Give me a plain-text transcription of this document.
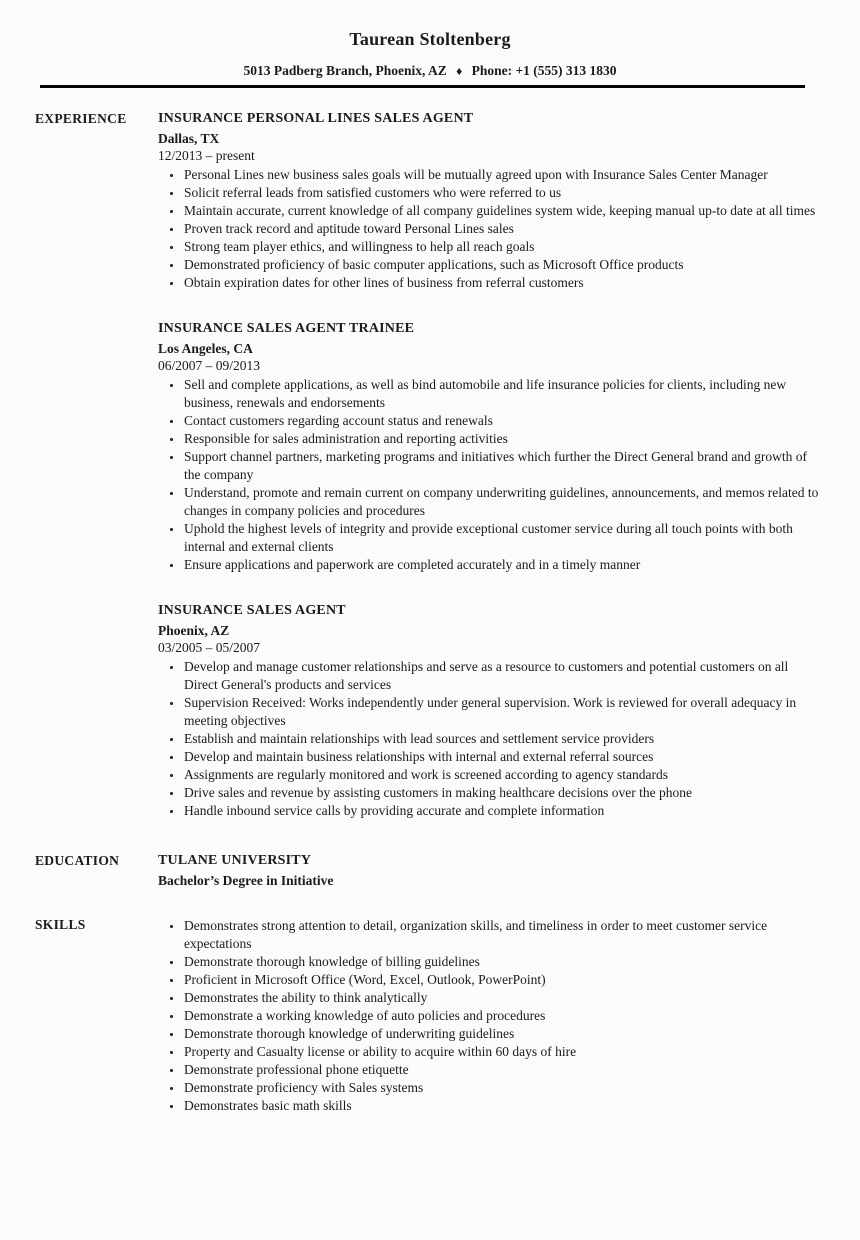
Taurean Stoltenberg
5013 Padberg Branch, Phoenix, AZ ♦ Phone: +1 (555) 313 1830
EXPERIENCE	INSURANCE PERSONAL LINES SALES AGENT
Dallas, TX
12/2013 – present
• Personal Lines new business sales goals will be mutually agreed upon with Insurance Sales Center Manager
• Solicit referral leads from satisfied customers who were referred to us
• Maintain accurate, current knowledge of all company guidelines system wide, keeping manual up-to date at all times
• Proven track record and aptitude toward Personal Lines sales
• Strong team player ethics, and willingness to help all reach goals
• Demonstrated proficiency of basic computer applications, such as Microsoft Office products
• Obtain expiration dates for other lines of business from referral customers
INSURANCE SALES AGENT TRAINEE
Los Angeles, CA
06/2007 – 09/2013
• Sell and complete applications, as well as bind automobile and life insurance policies for clients, including new business, renewals and endorsements
• Contact customers regarding account status and renewals
• Responsible for sales administration and reporting activities
• Support channel partners, marketing programs and initiatives which further the Direct General brand and growth of the company
• Understand, promote and remain current on company underwriting guidelines, announcements, and memos related to changes in company policies and procedures
• Uphold the highest levels of integrity and provide exceptional customer service during all touch points with both internal and external clients
• Ensure applications and paperwork are completed accurately and in a timely manner
INSURANCE SALES AGENT
Phoenix, AZ
03/2005 – 05/2007
• Develop and manage customer relationships and serve as a resource to customers and potential customers on all Direct General's products and services
• Supervision Received: Works independently under general supervision. Work is reviewed for overall adequacy in meeting objectives
• Establish and maintain relationships with lead sources and settlement service providers
• Develop and maintain business relationships with internal and external referral sources
• Assignments are regularly monitored and work is screened according to agency standards
• Drive sales and revenue by assisting customers in making healthcare decisions over the phone
• Handle inbound service calls by providing accurate and complete information
EDUCATION	TULANE UNIVERSITY
Bachelor’s Degree in Initiative
SKILLS	• Demonstrates strong attention to detail, organization skills, and timeliness in order to meet customer service expectations
• Demonstrate thorough knowledge of billing guidelines
• Proficient in Microsoft Office (Word, Excel, Outlook, PowerPoint)
• Demonstrates the ability to think analytically
• Demonstrate a working knowledge of auto policies and procedures
• Demonstrate thorough knowledge of underwriting guidelines
• Property and Casualty license or ability to acquire within 60 days of hire
• Demonstrate professional phone etiquette
• Demonstrate proficiency with Sales systems
• Demonstrates basic math skills
